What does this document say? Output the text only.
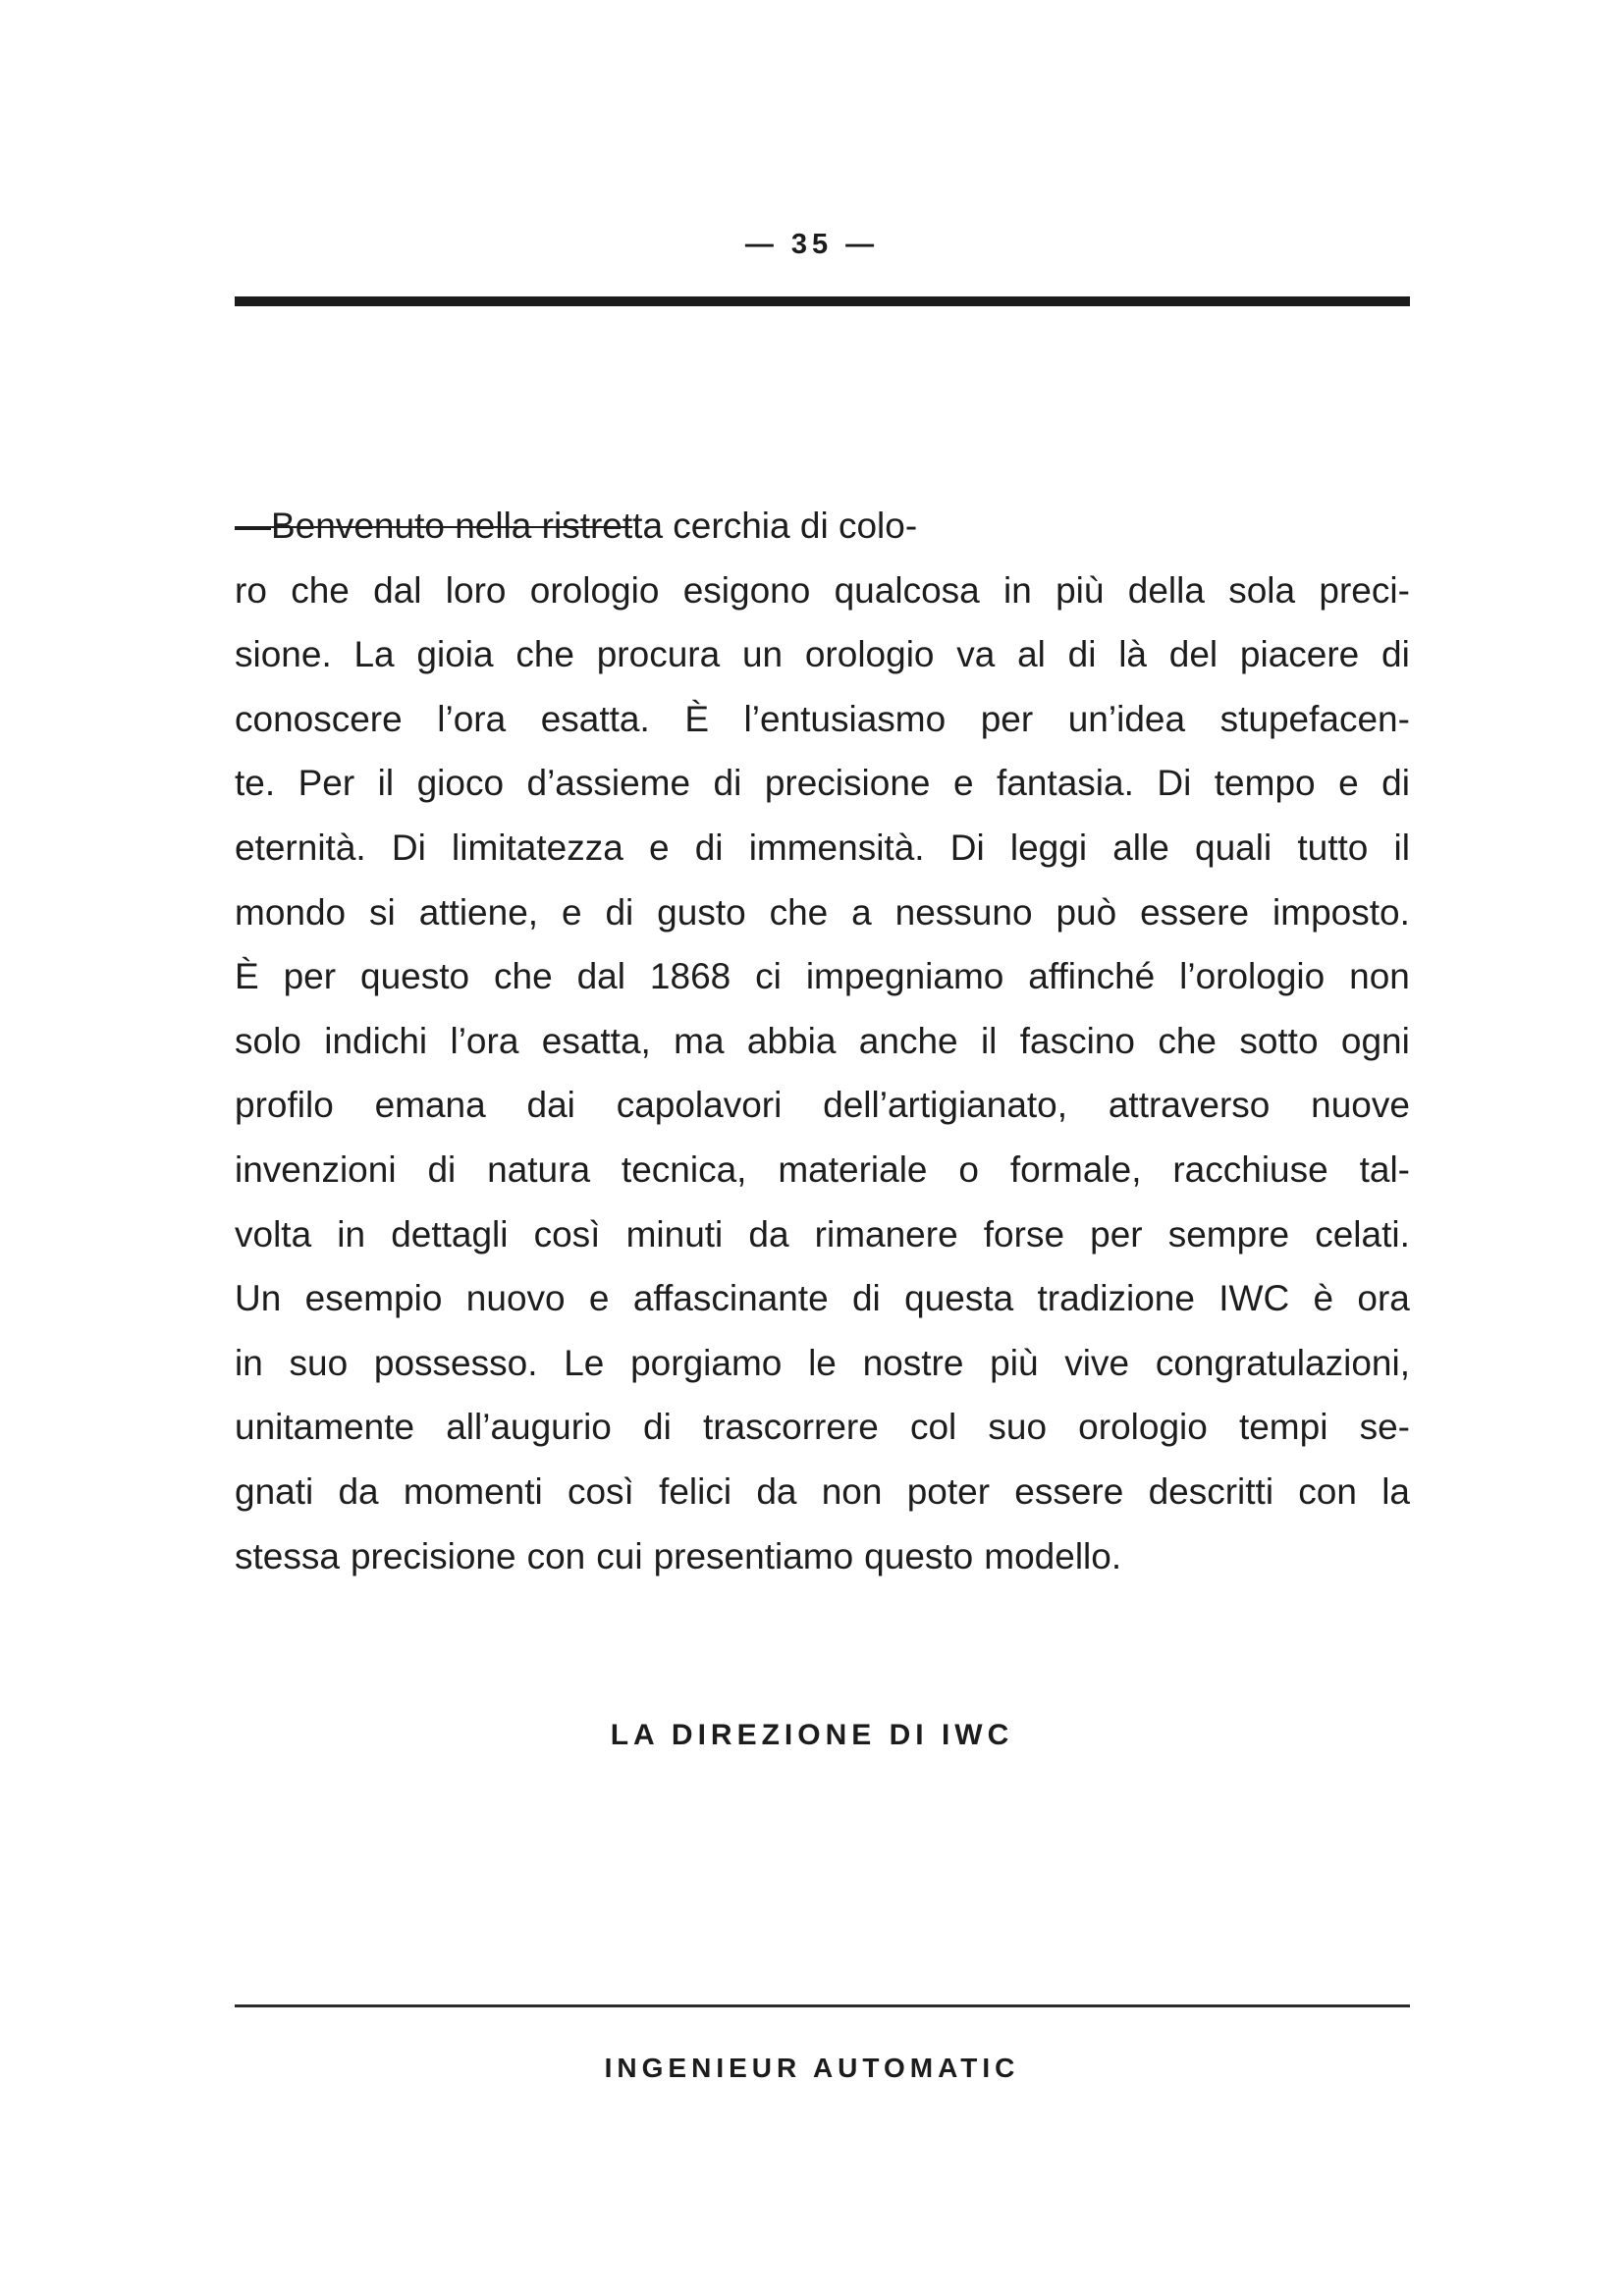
— 35 —
—Benvenuto nella ristret ta cerchia di colo-
ro che dal loro orologio esigono qualcosa in più della sola preci-
sione. La gioia che procura un orologio va al di là del piacere di
conoscere l’ora esatta. È l’entusiasmo per un’idea stupefacen-
te. Per il gioco d’assieme di precisione e fantasia. Di tempo e di
eternità. Di limitatezza e di immensità. Di leggi alle quali tutto il
mondo si attiene, e di gusto che a nessuno può essere imposto.
È per questo che dal 1868 ci impegniamo affinché l’orologio non
solo indichi l’ora esatta, ma abbia anche il fascino che sotto ogni
profilo emana dai capolavori dell’artigianato, attraverso nuove
invenzioni di natura tecnica, materiale o formale, racchiuse tal-
volta in dettagli così minuti da rimanere forse per sempre celati.
Un esempio nuovo e affascinante di questa tradizione IWC è ora
in suo possesso. Le porgiamo le nostre più vive congratulazioni,
unitamente all’augurio di trascorrere col suo orologio tempi se-
gnati da momenti così felici da non poter essere descritti con la
stessa precisione con cui presentiamo questo modello.
LA DIREZIONE DI IWC
INGENIEUR AUTOMATIC
